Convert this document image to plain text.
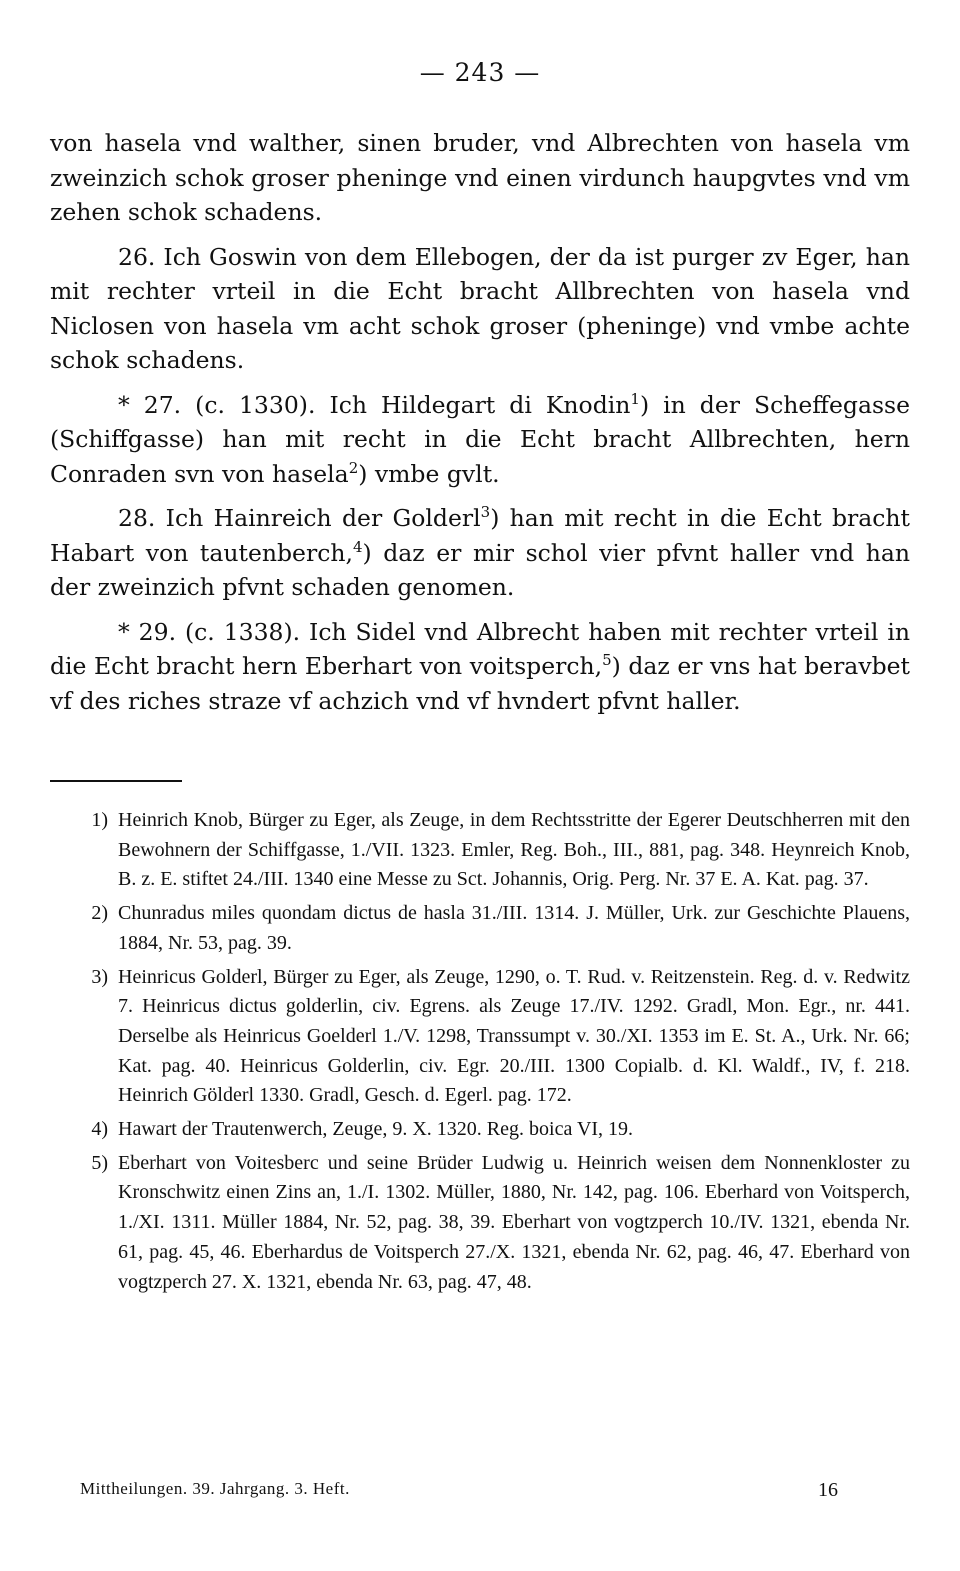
— 243 —

von hasela vnd walther, sinen bruder, vnd Albrechten von hasela vm zweinzich schok groser pheninge vnd einen virdunch haupgvtes vnd vm zehen schok schadens.

26. Ich Goswin von dem Ellebogen, der da ist purger zv Eger, han mit rechter vrteil in die Echt bracht Allbrechten von hasela vnd Niclosen von hasela vm acht schok groser (pheninge) vnd vmbe achte schok schadens.

* 27. (c. 1330). Ich Hildegart di Knodin$^1$) in der Scheffegasse (Schiffgasse) han mit recht in die Echt bracht Allbrechten, hern Conraden svn von hasela$^2$) vmbe gvlt.

28. Ich Hainreich der Golderl$^3$) han mit recht in die Echt bracht Habart von tautenberch,$^4$) daz er mir schol vier pfvnt haller vnd han der zweinzich pfvnt schaden genomen.

* 29. (c. 1338). Ich Sidel vnd Albrecht haben mit rechter vrteil in die Echt bracht hern Eberhart von voitsperch,$^5$) daz er vns hat beravbet vf des riches straze vf achzich vnd vf hvndert pfvnt haller.

1) Heinrich Knob, Bürger zu Eger, als Zeuge, in dem Rechtsstritte der Egerer Deutschherren mit den Bewohnern der Schiffgasse, 1./VII. 1323. Emler, Reg. Boh., III., 881, pag. 348. Heynreich Knob, B. z. E. stiftet 24./III. 1340 eine Messe zu Sct. Johannis, Orig. Perg. Nr. 37 E. A. Kat. pag. 37.
2) Chunradus miles quondam dictus de hasla 31./III. 1314. J. Müller, Urk. zur Geschichte Plauens, 1884, Nr. 53, pag. 39.
3) Heinricus Golderl, Bürger zu Eger, als Zeuge, 1290, o. T. Rud. v. Reitzenstein. Reg. d. v. Redwitz 7. Heinricus dictus golderlin, civ. Egrens. als Zeuge 17./IV. 1292. Gradl, Mon. Egr., nr. 441. Derselbe als Heinricus Goelderl 1./V. 1298, Transsumpt v. 30./XI. 1353 im E. St. A., Urk. Nr. 66; Kat. pag. 40. Heinricus Golderlin, civ. Egr. 20./III. 1300 Copialb. d. Kl. Waldf., IV, f. 218. Heinrich Gölderl 1330. Gradl, Gesch. d. Egerl. pag. 172.
4) Hawart der Trautenwerch, Zeuge, 9. X. 1320. Reg. boica VI, 19.
5) Eberhart von Voitesberc und seine Brüder Ludwig u. Heinrich weisen dem Nonnenkloster zu Kronschwitz einen Zins an, 1./I. 1302. Müller, 1880, Nr. 142, pag. 106. Eberhard von Voitsperch, 1./XI. 1311. Müller 1884, Nr. 52, pag. 38, 39. Eberhart von vogtzperch 10./IV. 1321, ebenda Nr. 61, pag. 45, 46. Eberhardus de Voitsperch 27./X. 1321, ebenda Nr. 62, pag. 46, 47. Eberhard von vogtzperch 27. X. 1321, ebenda Nr. 63, pag. 47, 48.
Mittheilungen. 39. Jahrgang. 3. Heft.	16
